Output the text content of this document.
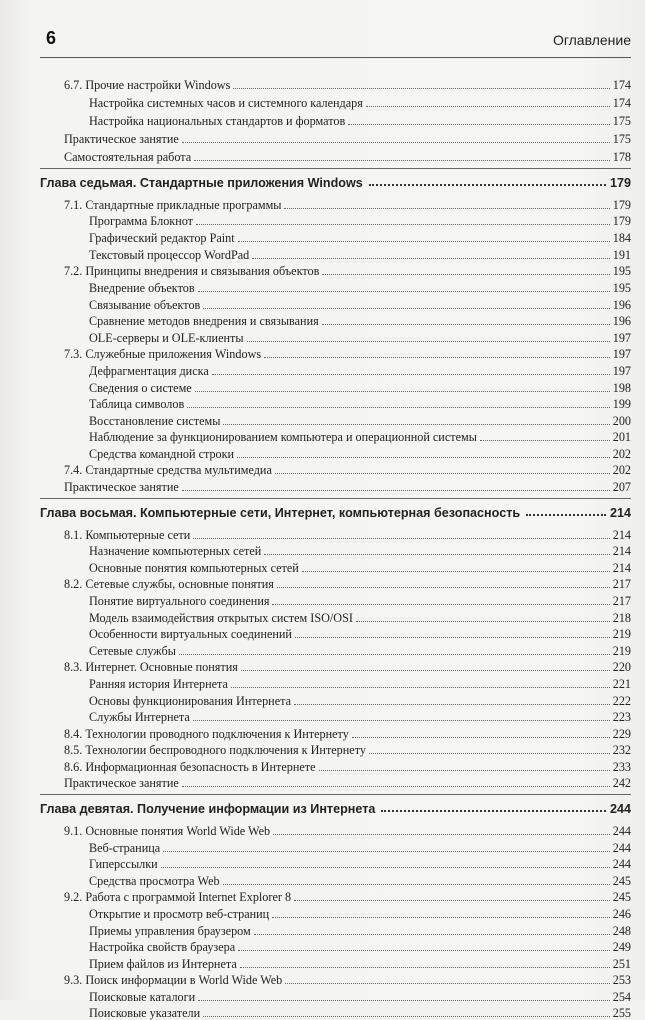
6	Оглавление
6.7. Прочие настройки Windows	174
Настройка системных часов и системного календаря	174
Настройка национальных стандартов и форматов	175
Практическое занятие	175
Самостоятельная работа	178
Глава седьмая. Стандартные приложения Windows	179
7.1. Стандартные прикладные программы	179
Программа Блокнот	179
Графический редактор Paint	184
Текстовый процессор WordPad	191
7.2. Принципы внедрения и связывания объектов	195
Внедрение объектов	195
Связывание объектов	196
Сравнение методов внедрения и связывания	196
OLE-серверы и OLE-клиенты	197
7.3. Служебные приложения Windows	197
Дефрагментация диска	197
Сведения о системе	198
Таблица символов	199
Восстановление системы	200
Наблюдение за функционированием компьютера и операционной системы	201
Средства командной строки	202
7.4. Стандартные средства мультимедиа	202
Практическое занятие	207
Глава восьмая. Компьютерные сети, Интернет, компьютерная безопасность	214
8.1. Компьютерные сети	214
Назначение компьютерных сетей	214
Основные понятия компьютерных сетей	214
8.2. Сетевые службы, основные понятия	217
Понятие виртуального соединения	217
Модель взаимодействия открытых систем ISO/OSI	218
Особенности виртуальных соединений	219
Сетевые службы	219
8.3. Интернет. Основные понятия	220
Ранняя история Интернета	221
Основы функционирования Интернета	222
Службы Интернета	223
8.4. Технологии проводного подключения к Интернету	229
8.5. Технологии беспроводного подключения к Интернету	232
8.6. Информационная безопасность в Интернете	233
Практическое занятие	242
Глава девятая. Получение информации из Интернета	244
9.1. Основные понятия World Wide Web	244
Веб-страница	244
Гиперссылки	244
Средства просмотра Web	245
9.2. Работа с программой Internet Explorer 8	245
Открытие и просмотр веб-страниц	246
Приемы управления браузером	248
Настройка свойств браузера	249
Прием файлов из Интернета	251
9.3. Поиск информации в World Wide Web	253
Поисковые каталоги	254
Поисковые указатели	255
